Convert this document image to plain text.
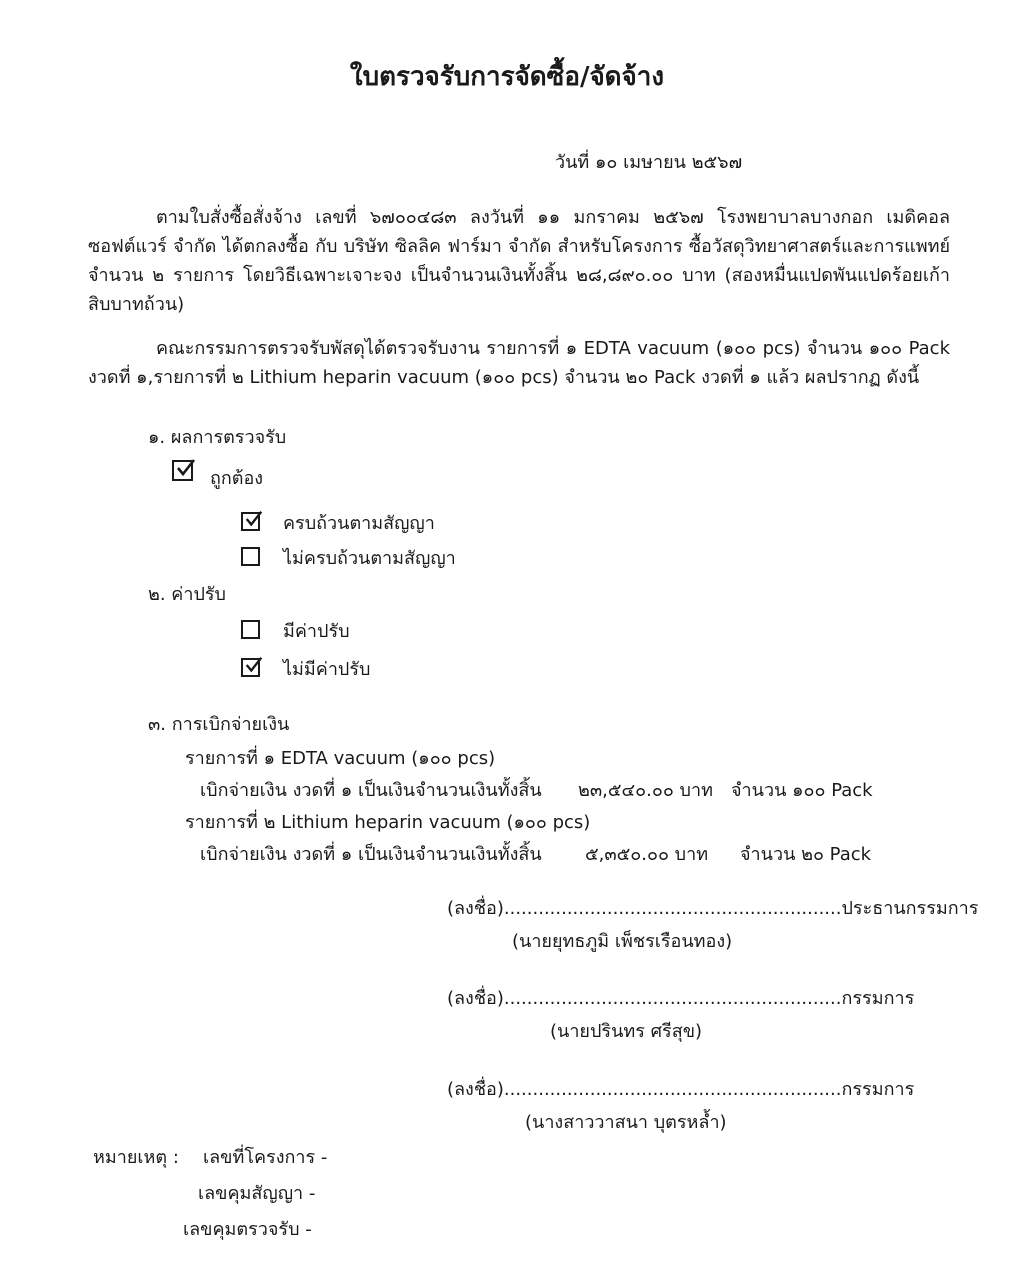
ใบตรวจรับการจัดซื้อ/จัดจ้าง
วันที่ ๑๐ เมษายน ๒๕๖๗
ตามใบสั่งซื้อสั่งจ้าง เลขที่ ๖๗๐๐๔๘๓ ลงวันที่ ๑๑ มกราคม ๒๕๖๗ โรงพยาบาลบางกอก เมดิคอล ซอฟต์แวร์ จำกัด ได้ตกลงซื้อ กับ บริษัท ซิลลิค ฟาร์มา จำกัด สำหรับโครงการ ซื้อวัสดุวิทยาศาสตร์และการแพทย์ จำนวน ๒ รายการ โดยวิธีเฉพาะเจาะจง เป็นจำนวนเงินทั้งสิ้น ๒๘,๘๙๐.๐๐ บาท (สองหมื่นแปดพันแปดร้อยเก้าสิบบาทถ้วน)
คณะกรรมการตรวจรับพัสดุได้ตรวจรับงาน รายการที่ ๑ EDTA vacuum (๑๐๐ pcs) จำนวน ๑๐๐ Pack งวดที่ ๑,รายการที่ ๒ Lithium heparin vacuum (๑๐๐ pcs) จำนวน ๒๐ Pack งวดที่ ๑ แล้ว ผลปรากฏ ดังนี้
๑. ผลการตรวจรับ
ถูกต้อง
ครบถ้วนตามสัญญา
ไม่ครบถ้วนตามสัญญา
๒. ค่าปรับ
มีค่าปรับ
ไม่มีค่าปรับ
๓. การเบิกจ่ายเงิน
รายการที่ ๑ EDTA vacuum (๑๐๐ pcs)
เบิกจ่ายเงิน งวดที่ ๑ เป็นเงินจำนวนเงินทั้งสิ้น ๒๓,๕๔๐.๐๐ บาท จำนวน ๑๐๐ Pack
รายการที่ ๒ Lithium heparin vacuum (๑๐๐ pcs)
เบิกจ่ายเงิน งวดที่ ๑ เป็นเงินจำนวนเงินทั้งสิ้น ๕,๓๕๐.๐๐ บาท จำนวน ๒๐ Pack
(ลงชื่อ)...........................................................ประธานกรรมการ
(นายยุทธภูมิ เพ็ชรเรือนทอง)
(ลงชื่อ)...........................................................กรรมการ
(นายปรินทร ศรีสุข)
(ลงชื่อ)...........................................................กรรมการ
(นางสาววาสนา บุตรหล้ำ)
หมายเหตุ : เลขที่โครงการ -
เลขคุมสัญญา -
เลขคุมตรวจรับ -
